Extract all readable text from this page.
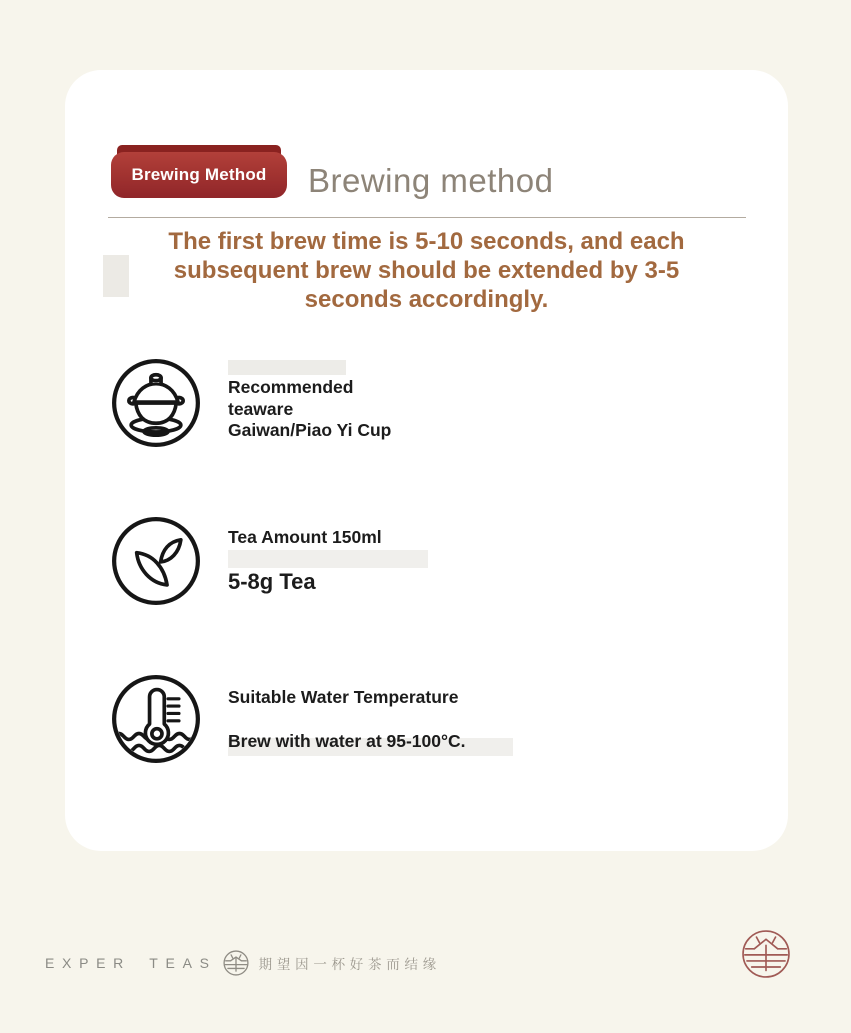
Brewing Method Brewing method
The first brew time is 5-10 seconds, and each
subsequent brew should be extended by 3-5
seconds accordingly.
Recommended
teaware
Gaiwan/Piao Yi Cup
Tea Amount 150ml
5-8g Tea
Suitable Water Temperature
Brew with water at 95-100°C.
EXPER TEAS	期望因一杯好茶而结缘
